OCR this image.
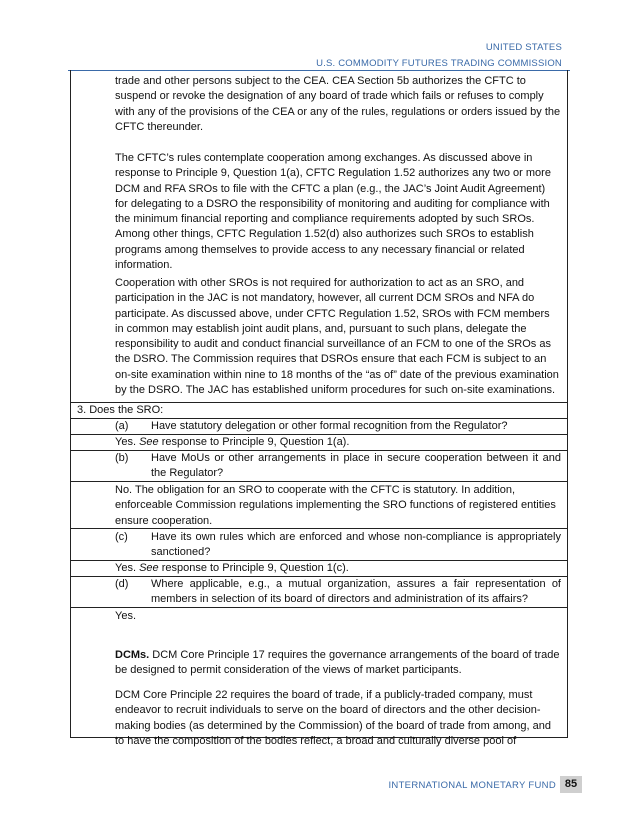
UNITED STATES
U.S. COMMODITY FUTURES TRADING COMMISSION
trade and other persons subject to the CEA. CEA Section 5b authorizes the CFTC to suspend or revoke the designation of any board of trade which fails or refuses to comply with any of the provisions of the CEA or any of the rules, regulations or orders issued by the CFTC thereunder.
The CFTC’s rules contemplate cooperation among exchanges. As discussed above in response to Principle 9, Question 1(a), CFTC Regulation 1.52 authorizes any two or more DCM and RFA SROs to file with the CFTC a plan (e.g., the JAC’s Joint Audit Agreement) for delegating to a DSRO the responsibility of monitoring and auditing for compliance with the minimum financial reporting and compliance requirements adopted by such SROs. Among other things, CFTC Regulation 1.52(d) also authorizes such SROs to establish programs among themselves to provide access to any necessary financial or related information.
Cooperation with other SROs is not required for authorization to act as an SRO, and participation in the JAC is not mandatory, however, all current DCM SROs and NFA do participate. As discussed above, under CFTC Regulation 1.52, SROs with FCM members in common may establish joint audit plans, and, pursuant to such plans, delegate the responsibility to audit and conduct financial surveillance of an FCM to one of the SROs as the DSRO. The Commission requires that DSROs ensure that each FCM is subject to an on-site examination within nine to 18 months of the “as of” date of the previous examination by the DSRO. The JAC has established uniform procedures for such on-site examinations.
3. Does the SRO:
(a)	Have statutory delegation or other formal recognition from the Regulator?
Yes. See response to Principle 9, Question 1(a).
(b)	Have MoUs or other arrangements in place in secure cooperation between it and the Regulator?
No. The obligation for an SRO to cooperate with the CFTC is statutory. In addition, enforceable Commission regulations implementing the SRO functions of registered entities ensure cooperation.
(c)	Have its own rules which are enforced and whose non-compliance is appropriately sanctioned?
Yes. See response to Principle 9, Question 1(c).
(d)	Where applicable, e.g., a mutual organization, assures a fair representation of members in selection of its board of directors and administration of its affairs?
Yes.
DCMs. DCM Core Principle 17 requires the governance arrangements of the board of trade be designed to permit consideration of the views of market participants.
DCM Core Principle 22 requires the board of trade, if a publicly-traded company, must endeavor to recruit individuals to serve on the board of directors and the other decision-making bodies (as determined by the Commission) of the board of trade from among, and to have the composition of the bodies reflect, a broad and culturally diverse pool of
INTERNATIONAL MONETARY FUND 85
